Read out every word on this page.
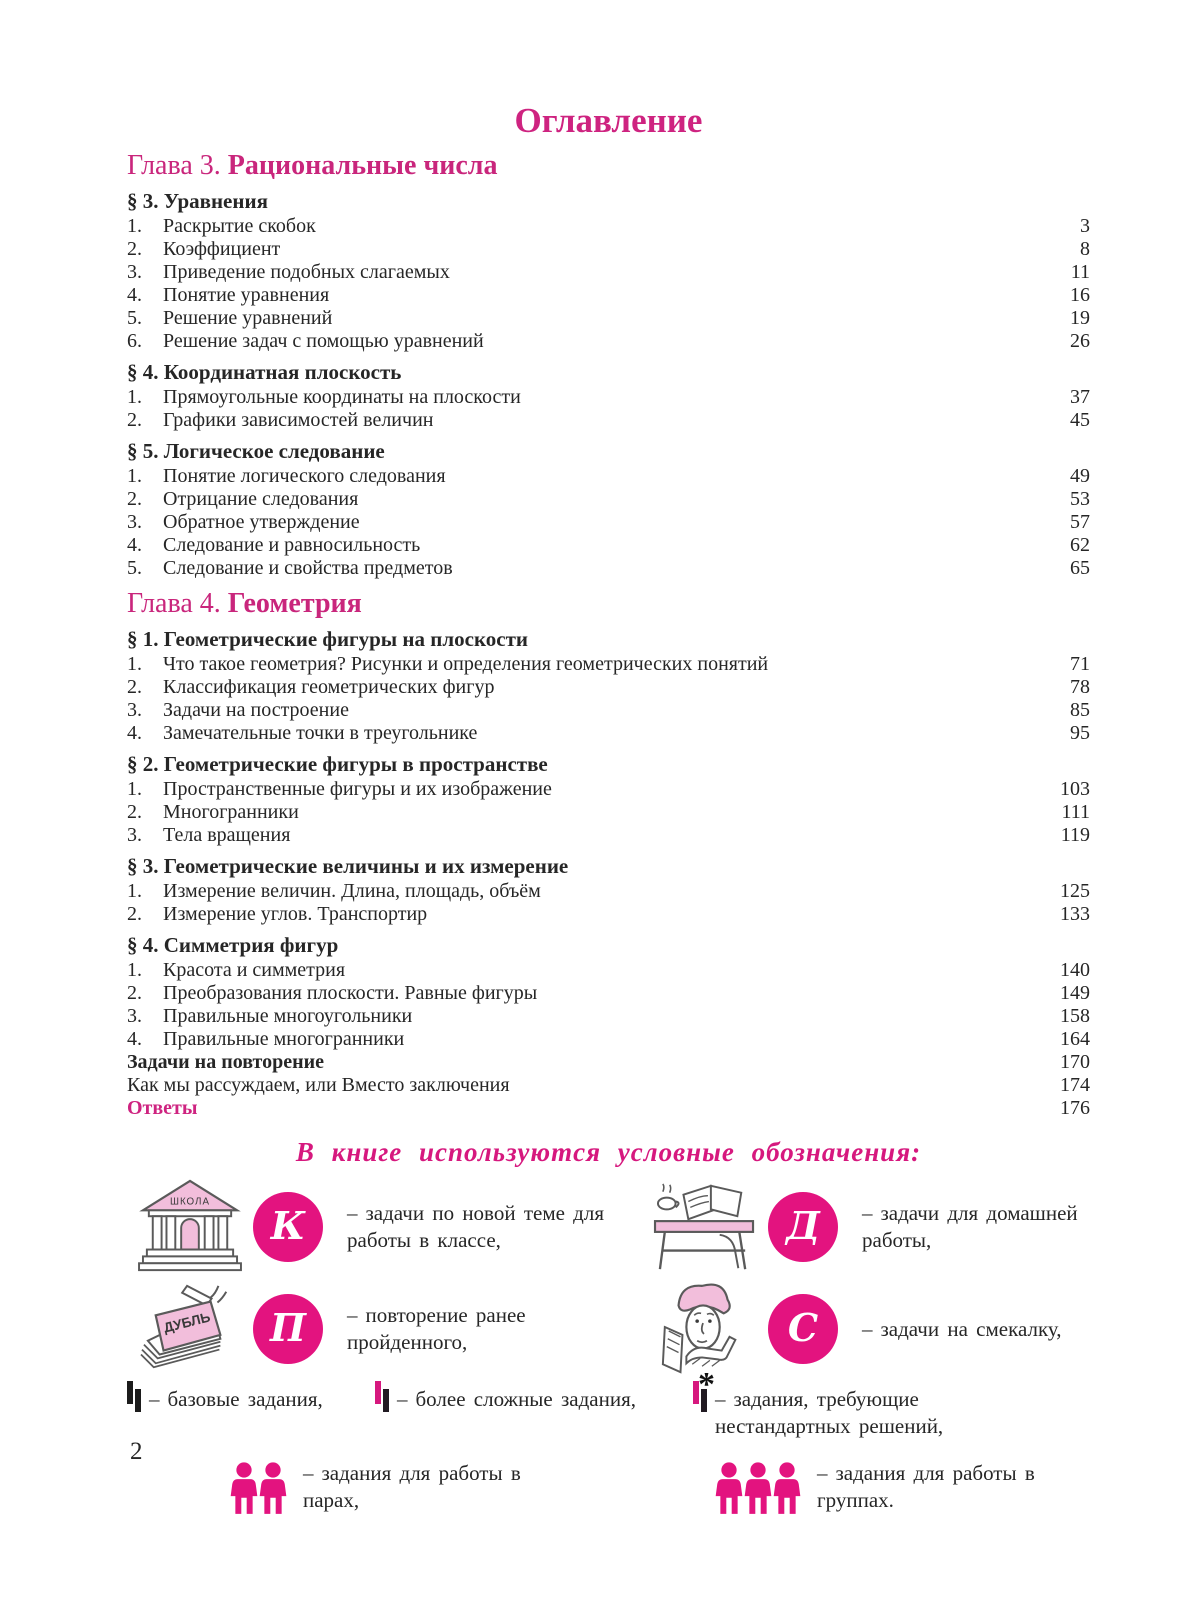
Оглавление
Глава 3. Рациональные числа
§ 3. Уравнения
1.	Раскрытие скобок	3
2.	Коэффициент	8
3.	Приведение подобных слагаемых	11
4.	Понятие уравнения	16
5.	Решение уравнений	19
6.	Решение задач с помощью уравнений	26
§ 4. Координатная плоскость
1.	Прямоугольные координаты на плоскости	37
2.	Графики зависимостей величин	45
§ 5. Логическое следование
1.	Понятие логического следования	49
2.	Отрицание следования	53
3.	Обратное утверждение	57
4.	Следование и равносильность	62
5.	Следование и свойства предметов	65
Глава 4. Геометрия
§ 1. Геометрические фигуры на плоскости
1.	Что такое геометрия? Рисунки и определения геометрических понятий	71
2.	Классификация геометрических фигур	78
3.	Задачи на построение	85
4.	Замечательные точки в треугольнике	95
§ 2. Геометрические фигуры в пространстве
1.	Пространственные фигуры и их изображение	103
2.	Многогранники	111
3.	Тела вращения	119
§ 3. Геометрические величины и их измерение
1.	Измерение величин. Длина, площадь, объём	125
2.	Измерение углов. Транспортир	133
§ 4. Симметрия фигур
1.	Красота и симметрия	140
2.	Преобразования плоскости. Равные фигуры	149
3.	Правильные многоугольники	158
4.	Правильные многогранники	164
Задачи на повторение	170
Как мы рассуждаем, или Вместо заключения	174
Ответы	176
В книге используются условные обозначения:
ШКОЛА
К	– задачи по новой теме для работы в классе,	Д	– задачи для домашней работы,
ДУБЛЬ	П	– повторение ранее пройденного,	С	– задачи на смекалку,
– базовые задания,	– более сложные задания, * – задания, требующие нестандартных решений,
– задания для работы в парах,
– задания для работы в группах.
2
